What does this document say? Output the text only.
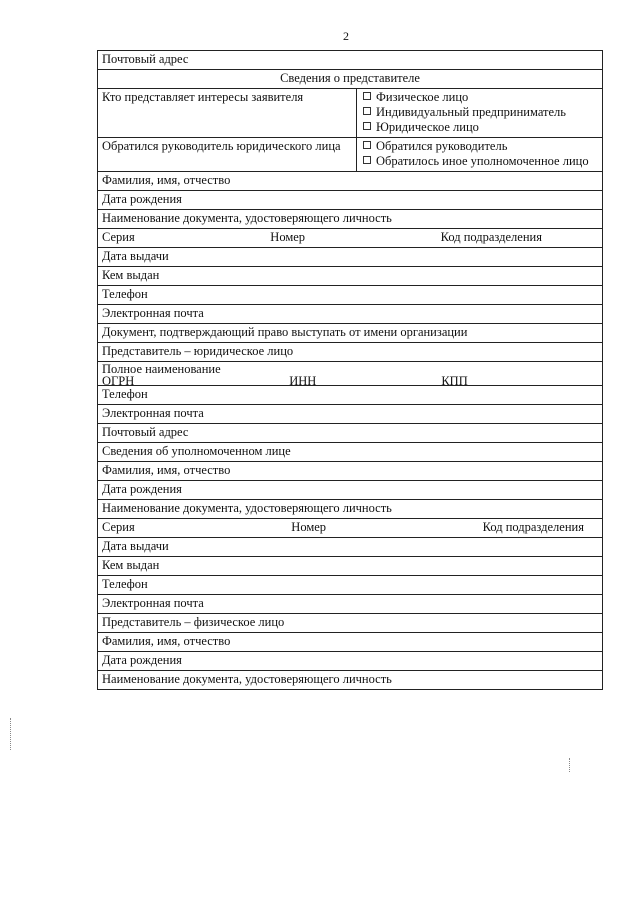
2
Почтовый адрес
Сведения о представителе
Кто представляет интересы заявителя	Физическое лицо
Индивидуальный предприниматель
Юридическое лицо
Обратился руководитель юридического лица	Обратился руководитель
Обратилось иное уполномоченное лицо
Фамилия, имя, отчество
Дата рождения
Наименование документа, удостоверяющего личность
Серия	Номер	Код подразделения
Дата выдачи
Кем выдан
Телефон
Электронная почта
Документ, подтверждающий право выступать от имени организации
Представитель – юридическое лицо
Полное наименование
ОГРН	ИНН	КПП
Телефон
Электронная почта
Почтовый адрес
Сведения об уполномоченном лице
Фамилия, имя, отчество
Дата рождения
Наименование документа, удостоверяющего личность
Серия	Номер	Код подразделения
Дата выдачи
Кем выдан
Телефон
Электронная почта
Представитель – физическое лицо
Фамилия, имя, отчество
Дата рождения
Наименование документа, удостоверяющего личность
